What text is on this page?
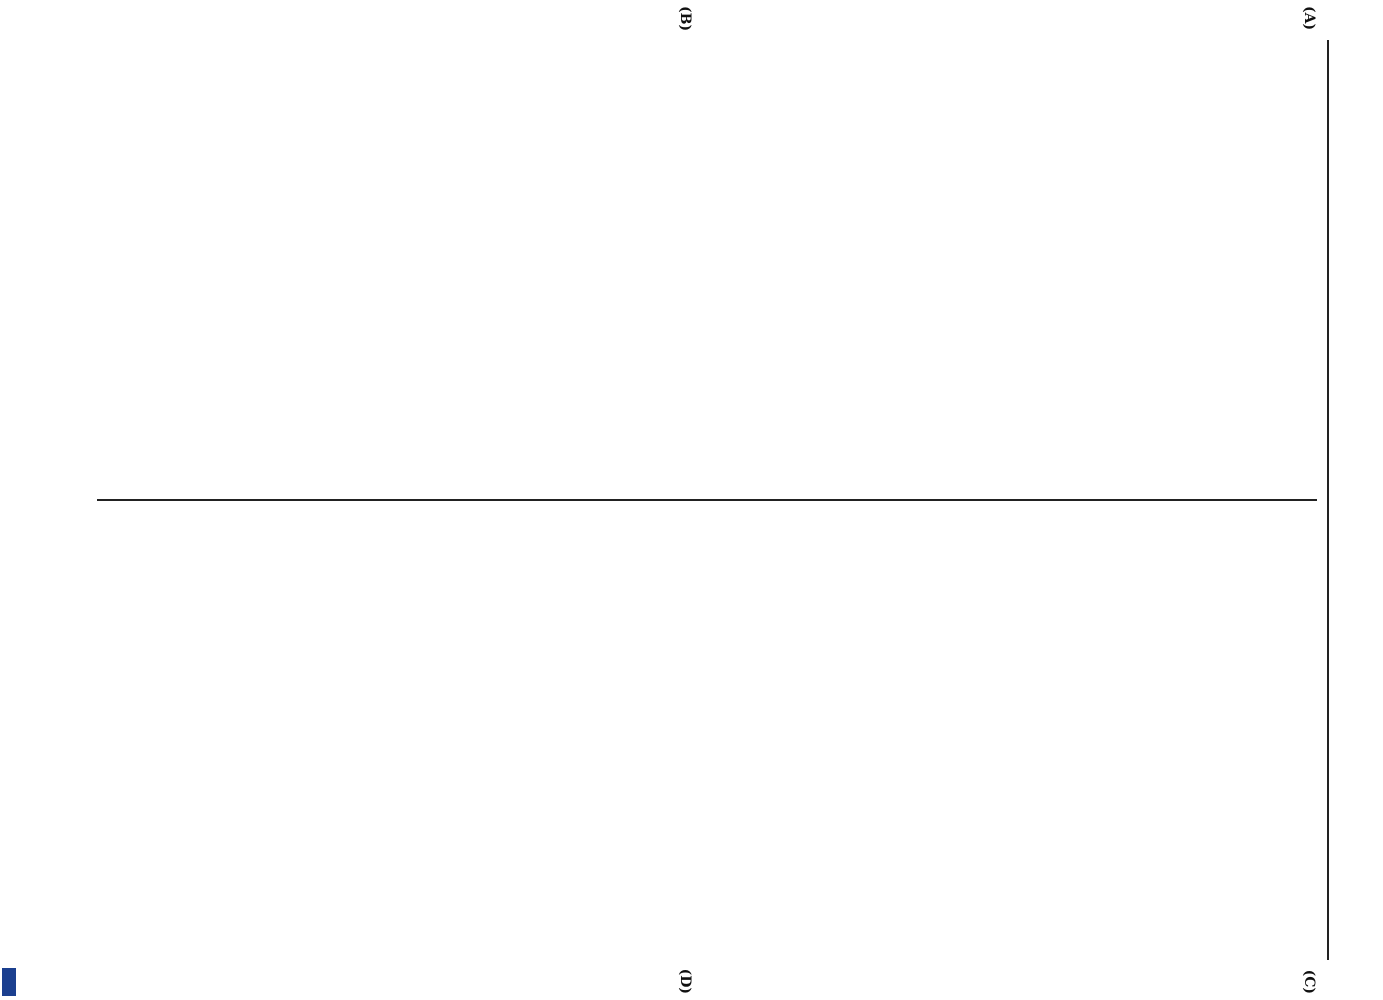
(A)
(B)
(C)
(D)
